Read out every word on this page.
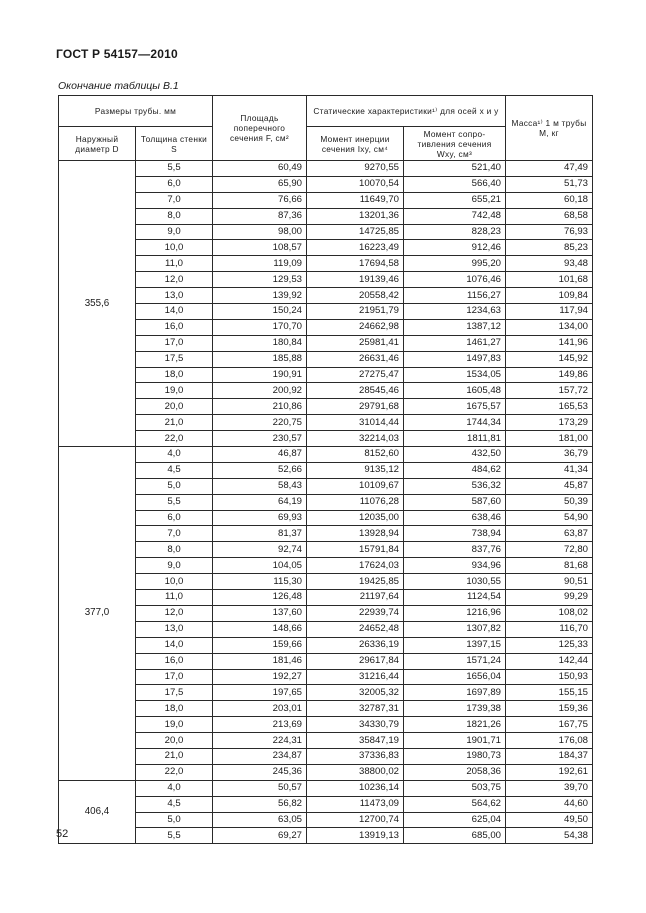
ГОСТ Р 54157—2010
Окончание таблицы В.1
Размеры трубы. мм		Площадь поперечного сечения F, см²	Статические характеристики¹⁾ для осей x и y		Масса¹⁾ 1 м трубы М, кг
Наружный диаметр D	Толщина стенки S		Момент инерции сечения Ixy, см⁴	Момент сопро-тивления сечения Wxy, см³	
355,6	5,5	60,49	9270,55	521,40	47,49
	6,0	65,90	10070,54	566,40	51,73
	7,0	76,66	11649,70	655,21	60,18
	8,0	87,36	13201,36	742,48	68,58
	9,0	98,00	14725,85	828,23	76,93
	10,0	108,57	16223,49	912,46	85,23
	11,0	119,09	17694,58	995,20	93,48
	12,0	129,53	19139,46	1076,46	101,68
	13,0	139,92	20558,42	1156,27	109,84
	14,0	150,24	21951,79	1234,63	117,94
	16,0	170,70	24662,98	1387,12	134,00
	17,0	180,84	25981,41	1461,27	141,96
	17,5	185,88	26631,46	1497,83	145,92
	18,0	190,91	27275,47	1534,05	149,86
	19,0	200,92	28545,46	1605,48	157,72
	20,0	210,86	29791,68	1675,57	165,53
	21,0	220,75	31014,44	1744,34	173,29
	22,0	230,57	32214,03	1811,81	181,00
377,0	4,0	46,87	8152,60	432,50	36,79
	4,5	52,66	9135,12	484,62	41,34
	5,0	58,43	10109,67	536,32	45,87
	5,5	64,19	11076,28	587,60	50,39
	6,0	69,93	12035,00	638,46	54,90
	7,0	81,37	13928,94	738,94	63,87
	8,0	92,74	15791,84	837,76	72,80
	9,0	104,05	17624,03	934,96	81,68
	10,0	115,30	19425,85	1030,55	90,51
	11,0	126,48	21197,64	1124,54	99,29
	12,0	137,60	22939,74	1216,96	108,02
	13,0	148,66	24652,48	1307,82	116,70
	14,0	159,66	26336,19	1397,15	125,33
	16,0	181,46	29617,84	1571,24	142,44
	17,0	192,27	31216,44	1656,04	150,93
	17,5	197,65	32005,32	1697,89	155,15
	18,0	203,01	32787,31	1739,38	159,36
	19,0	213,69	34330,79	1821,26	167,75
	20,0	224,31	35847,19	1901,71	176,08
	21,0	234,87	37336,83	1980,73	184,37
	22,0	245,36	38800,02	2058,36	192,61
406,4	4,0	50,57	10236,14	503,75	39,70
	4,5	56,82	11473,09	564,62	44,60
	5,0	63,05	12700,74	625,04	49,50
	5,5	69,27	13919,13	685,00	54,38
52
